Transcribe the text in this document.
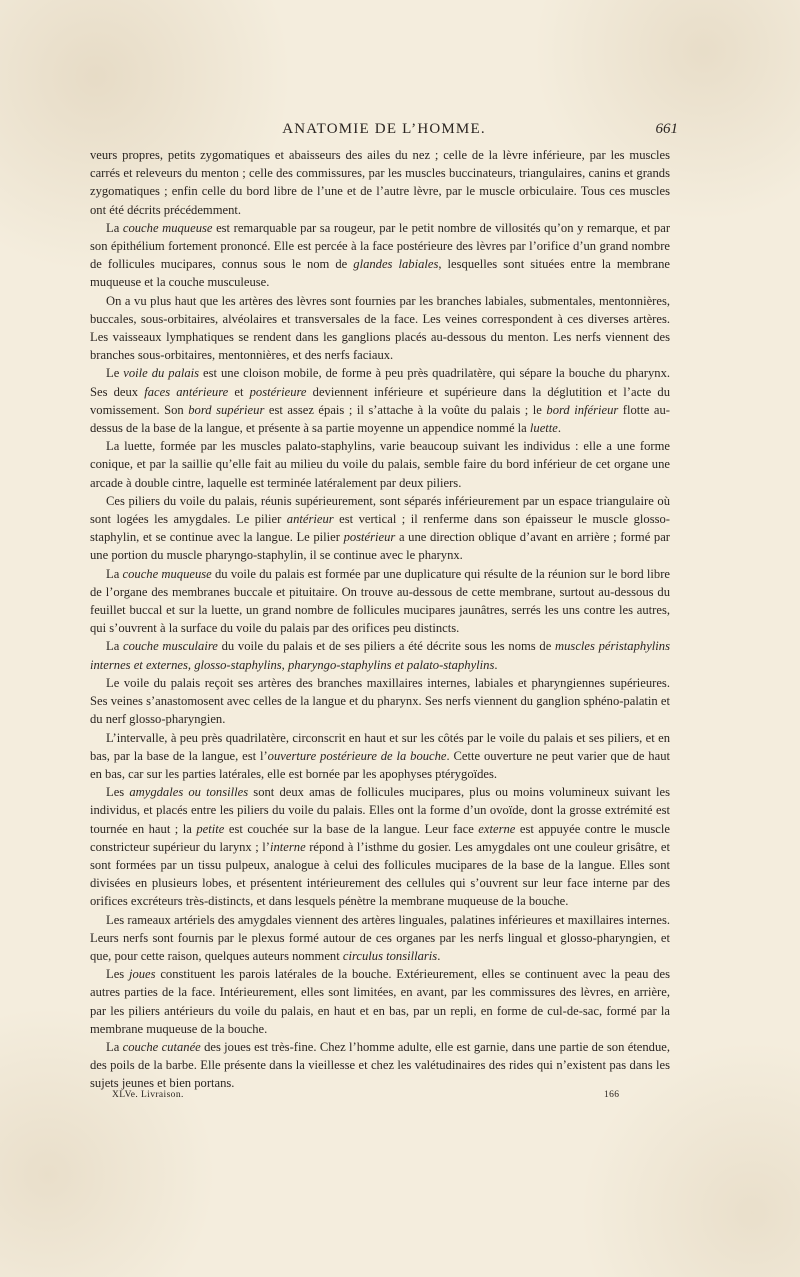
ANATOMIE DE L’HOMME.	661

veurs propres, petits zygomatiques et abaisseurs des ailes du nez ; celle de la lèvre inférieure, par les muscles carrés et releveurs du menton ; celle des commissures, par les muscles buccinateurs, triangulaires, canins et grands zygomatiques ; enfin celle du bord libre de l’une et de l’autre lèvre, par le muscle orbiculaire. Tous ces muscles ont été décrits précédemment.

La couche muqueuse est remarquable par sa rougeur, par le petit nombre de villosités qu’on y remarque, et par son épithélium fortement prononcé. Elle est percée à la face postérieure des lèvres par l’orifice d’un grand nombre de follicules mucipares, connus sous le nom de glandes labiales, lesquelles sont situées entre la membrane muqueuse et la couche musculeuse.

On a vu plus haut que les artères des lèvres sont fournies par les branches labiales, submentales, mentonnières, buccales, sous-orbitaires, alvéolaires et transversales de la face. Les veines correspondent à ces diverses artères. Les vaisseaux lymphatiques se rendent dans les ganglions placés au-dessous du menton. Les nerfs viennent des branches sous-orbitaires, mentonnières, et des nerfs faciaux.

Le voile du palais est une cloison mobile, de forme à peu près quadrilatère, qui sépare la bouche du pharynx. Ses deux faces antérieure et postérieure deviennent inférieure et supérieure dans la déglutition et l’acte du vomissement. Son bord supérieur est assez épais ; il s’attache à la voûte du palais ; le bord inférieur flotte au-dessus de la base de la langue, et présente à sa partie moyenne un appendice nommé la luette.

La luette, formée par les muscles palato-staphylins, varie beaucoup suivant les individus : elle a une forme conique, et par la saillie qu’elle fait au milieu du voile du palais, semble faire du bord inférieur de cet organe une arcade à double cintre, laquelle est terminée latéralement par deux piliers.

Ces piliers du voile du palais, réunis supérieurement, sont séparés inférieurement par un espace triangulaire où sont logées les amygdales. Le pilier antérieur est vertical ; il renferme dans son épaisseur le muscle glosso-staphylin, et se continue avec la langue. Le pilier postérieur a une direction oblique d’avant en arrière ; formé par une portion du muscle pharyngo-staphylin, il se continue avec le pharynx.

La couche muqueuse du voile du palais est formée par une duplicature qui résulte de la réunion sur le bord libre de l’organe des membranes buccale et pituitaire. On trouve au-dessous de cette membrane, surtout au-dessous du feuillet buccal et sur la luette, un grand nombre de follicules mucipares jaunâtres, serrés les uns contre les autres, qui s’ouvrent à la surface du voile du palais par des orifices peu distincts.

La couche musculaire du voile du palais et de ses piliers a été décrite sous les noms de muscles péristaphylins internes et externes, glosso-staphylins, pharyngo-staphylins et palato-staphylins.

Le voile du palais reçoit ses artères des branches maxillaires internes, labiales et pharyngiennes supérieures. Ses veines s’anastomosent avec celles de la langue et du pharynx. Ses nerfs viennent du ganglion sphéno-palatin et du nerf glosso-pharyngien.

L’intervalle, à peu près quadrilatère, circonscrit en haut et sur les côtés par le voile du palais et ses piliers, et en bas, par la base de la langue, est l’ouverture postérieure de la bouche. Cette ouverture ne peut varier que de haut en bas, car sur les parties latérales, elle est bornée par les apophyses ptérygoïdes.

Les amygdales ou tonsilles sont deux amas de follicules mucipares, plus ou moins volumineux suivant les individus, et placés entre les piliers du voile du palais. Elles ont la forme d’un ovoïde, dont la grosse extrémité est tournée en haut ; la petite est couchée sur la base de la langue. Leur face externe est appuyée contre le muscle constricteur supérieur du larynx ; l’interne répond à l’isthme du gosier. Les amygdales ont une couleur grisâtre, et sont formées par un tissu pulpeux, analogue à celui des follicules mucipares de la base de la langue. Elles sont divisées en plusieurs lobes, et présentent intérieurement des cellules qui s’ouvrent sur leur face interne par des orifices excréteurs très-distincts, et dans lesquels pénètre la membrane muqueuse de la bouche.

Les rameaux artériels des amygdales viennent des artères linguales, palatines inférieures et maxillaires internes. Leurs nerfs sont fournis par le plexus formé autour de ces organes par les nerfs lingual et glosso-pharyngien, et que, pour cette raison, quelques auteurs nomment circulus tonsillaris.

Les joues constituent les parois latérales de la bouche. Extérieurement, elles se continuent avec la peau des autres parties de la face. Intérieurement, elles sont limitées, en avant, par les commissures des lèvres, en arrière, par les piliers antérieurs du voile du palais, en haut et en bas, par un repli, en forme de cul-de-sac, formé par la membrane muqueuse de la bouche.

La couche cutanée des joues est très-fine. Chez l’homme adulte, elle est garnie, dans une partie de son étendue, des poils de la barbe. Elle présente dans la vieillesse et chez les valétudinaires des rides qui n’existent pas dans les sujets jeunes et bien portans.

XLVe. Livraison.	166
